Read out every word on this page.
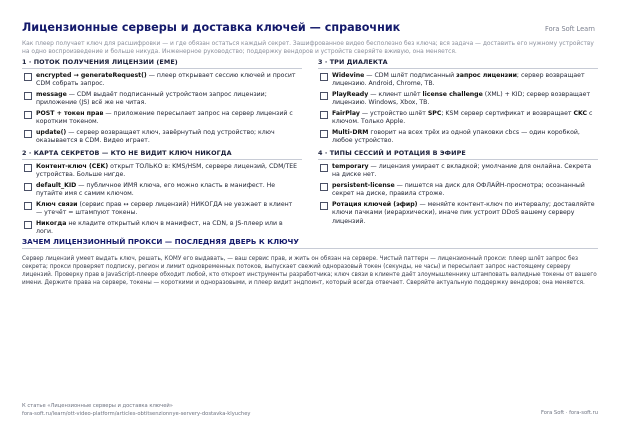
Лицензионные серверы и доставка ключей — справочник	Fora Soft Learn
Как плеер получает ключ для расшифровки — и где обязан остаться каждый секрет. Зашифрованное видео бесполезно без ключа; вся задача — доставить его нужному устройству на одно воспроизведение и больше никуда. Инженерное руководство; поддержку вендоров и устройств сверяйте вживую, она меняется.
1 · ПОТОК ПОЛУЧЕНИЯ ЛИЦЕНЗИИ (EME)
encrypted → generateRequest() — плеер открывает сессию ключей и просит CDM собрать запрос.
message — CDM выдаёт подписанный устройством запрос лицензии; приложение (JS) всё же не читая.
POST + токен прав — приложение пересылает запрос на сервер лицензий с коротким токеном.
update() — сервер возвращает ключ, завёрнутый под устройство; ключ оказывается в CDM. Видео играет.
2 · КАРТА СЕКРЕТОВ — КТО НЕ ВИДИТ КЛЮЧ НИКОГДА
Контент-ключ (CEK) открыт ТОЛЬКО в: KMS/HSM, сервере лицензий, CDM/TEE устройства. Больше нигде.
default_KID — публичное ИМЯ ключа, его можно класть в манифест. Не путайте имя с самим ключом.
Ключ связи (сервис прав ↔ сервер лицензий) НИКОГДА не уезжает в клиент — утечёт = штампуют токены.
Никогда не кладите открытый ключ в манифест, на CDN, в JS-плеер или в логи.
3 · ТРИ ДИАЛЕКТА
Widevine — CDM шлёт подписанный запрос лицензии; сервер возвращает лицензию. Android, Chrome, ТВ.
PlayReady — клиент шлёт license challenge (XML) + KID; сервер возвращает лицензию. Windows, Xbox, ТВ.
FairPlay — устройство шлёт SPC; KSM сервер сертификат и возвращает CKC с ключом. Только Apple.
Multi-DRM говорит на всех трёх из одной упаковки cbcs — один коробкой, любое устройство.
4 · ТИПЫ СЕССИЙ И РОТАЦИЯ В ЭФИРЕ
temporary — лицензия умирает с вкладкой; умолчание для онлайна. Секрета на диске нет.
persistent-license — пишется на диск для ОФЛАЙН-просмотра; осознанный секрет на диске, правила строже.
Ротация ключей (эфир) — меняйте контент-ключ по интервалу; доставляйте ключи пачками (иерархически), иначе пик устроит DDoS вашему серверу лицензий.
ЗАЧЕМ ЛИЦЕНЗИОННЫЙ ПРОКСИ — ПОСЛЕДНЯЯ ДВЕРЬ К КЛЮЧУ
Сервер лицензий умеет выдать ключ, решать, КОМУ его выдавать, — ваш сервис прав, и жить он обязан на сервере. Чистый паттерн — лицензионный прокси: плеер шлёт запрос без секрета; прокси проверяет подписку, регион и лимит одновременных потоков, выпускает свежий одноразовый токен (секунды, не часы) и пересылает запрос настоящему серверу лицензий. Проверку прав в JavaScript-плеере обходит любой, кто откроет инструменты разработчика; ключ связи в клиенте даёт злоумышленнику штамповать валидные токены от вашего имени. Держите права на сервере, токены — короткими и одноразовыми, и плеер видит эндпоинт, который всегда отвечает. Сверяйте актуальную поддержку вендоров; она меняется.
К статье «Лицензионные серверы и доставка ключей»
fora-soft.ru/learn/ott-video-platform/articles-obtitsenzionnye-servery-dostavka-klyuchey	Fora Soft · fora-soft.ru
